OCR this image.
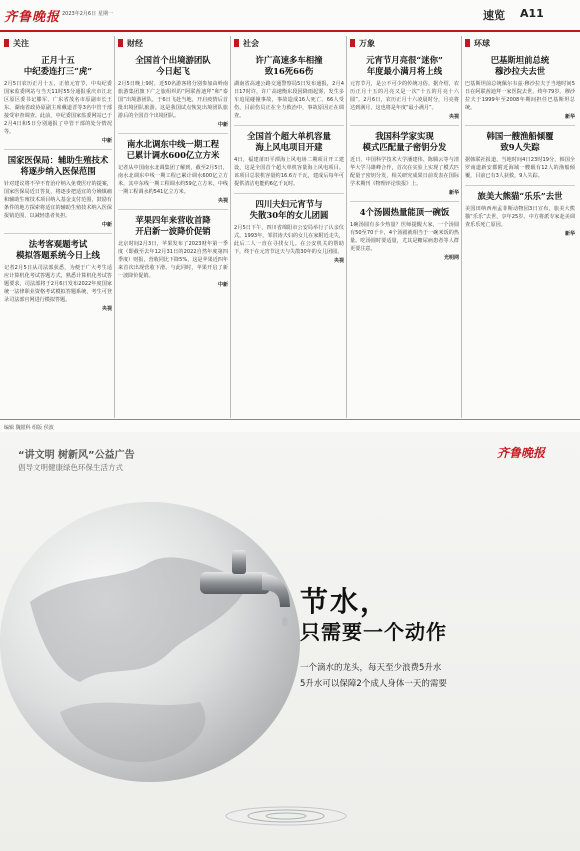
齐鲁晚报 2023年2月6日 星期一	速览 A11
关注
正月十五
中纪委连打三“虎”

2月5日农历正月十五，正值元宵节，中央纪委国家监委网站与当天11时55分通报重庆市江北区原区委书记滕军、广东省茂名市原副市长王东、湖南省政协原副主席戴道晋等3名中管干部接受审查调查。此前，中纪委国家监委网站已于2月4日和5日分别通报了中管干部的处分情况等。

中新
国家医保局：辅助生殖技术
将逐步纳入医保范围

针对建议将不孕不育治疗纳入免费医疗的提案，国家医保局近日答复，将逐步把适宜的分娩镇痛和辅助生殖技术项目纳入基金支付范围，鼓励有条件的地方探索将适宜的辅助生殖技术纳入医保报销范围，以减轻患者负担。

中新
法考客观题考试
模拟答题系统今日上线

记者2月5日从司法部获悉，为便于广大考生适应计算机化考试答题方式，熟悉计算机化考试答题要求，司法部将于2月6日发布2022年度国家统一法律职业资格考试模拟答题系统，考生可登录司法部官网进行模拟答题。

央视
财经
全国首个出境游团队
今日起飞

2月5日晚上9时，近50名游客将分别参加由岭南旅游集团旗下广之旅组织的“阿联酋迪拜”和“泰国”出境游团队，于6日飞赴当地，开启疫情后首批出境团队旅游。这是我国试点恢复出境团队旅游后的全国首个出境团队。

中新
南水北调东中线一期工程
已累计调水600亿立方米

记者从中国南水北调集团了解到，截至2月5日，南水北调东中线一期工程已累计调水600亿立方米，其中东线一期工程调水约59亿立方米，中线一期工程调水约541亿立方米。

央视
苹果四年来营收首降
开启新一波降价促销

北京时间2月3日，苹果发布了2023财年第一季度（即截至去年12月31日的2022自然年度第四季度）财报，营收同比下降5%，这是苹果近四年来首次出现营收下滑。与此同时，苹果开启了新一波降价促销。

中新
社会
许广高速多车相撞
致16死66伤

湖南省高速公路交通警察局5日发布通报，2月4日17时许，许广高速衡东段因降雨起雾，发生多车追尾碰撞事故，事故造成16人死亡、66人受伤，目前伤员正在全力救治中，事故原因正在调查。

全国首个超大单机容量
海上风电项目开建

4日，福建莆田平潭海上风电场二期项目开工建设，这是全国首个超大单机容量海上风电项目。该项目总装机容量约16.6万千瓦，建成后每年可提供清洁电能约6亿千瓦时。

四川夫妇元宵节与
失散30年的女儿团圆

2月5日下午，四川省绵阳市公安局举行了认亲仪式。1993年，邹洪涛夫妇的女儿在家附近走失，此后二人一直在寻找女儿。在公安机关的帮助下，终于在元宵节这天与失散30年的女儿团圆。

央视
万象
元宵节月亮很“迷你”
年度最小满月将上线

元宵节月，是公不可少的传统习俗。据介绍，农历正月十五的月亮又是一次“十五的月亮十六圆”。2月6日，农历正月十六凌晨时分，月亮将达到满月，这也将是年度“最小满月”。

央视
我国科学家实现
模式匹配量子密钥分发

近日，中国科学技术大学潘建伟、陈腾云等与清华大学马雄峰合作，首次在实验上实现了模式匹配量子密钥分发，相关研究成果日前发表在国际学术期刊《物理评论快报》上。

新华
4个汤圆热量能顶一碗饭

1碗汤圆有多少热量？医师提醒大家，一个汤圆有50至70千卡，4个汤圆就相当于一碗米饭的热量。吃汤圆时要适量，尤其是糖尿病患者等人群更要注意。

光明网
环球
巴基斯坦前总统
穆沙拉夫去世

巴基斯坦前总统佩尔韦兹·穆沙拉夫于当地时间5日在阿联酋迪拜一家医院去世，终年79岁。穆沙拉夫于1999年至2008年期间担任巴基斯坦总统。

新华
韩国一艘渔船倾覆
致9人失踪

据韩联社报道，当地时间4日23时19分，韩国全罗南道新安郡附近海域一艘载有12人的渔船倾覆，目前已有3人获救，9人失踪。

旅美大熊猫“乐乐”去世

美国田纳西州孟菲斯动物园3日宣布，旅美大熊猫“乐乐”去世，享年25岁。中方将派专家赴美调查乐乐死亡原因。

新华
编辑 魏银科 组版 侯波
“讲文明 树新风”公益广告
倡导文明健康绿色环保生活方式
齐鲁晚报
节水，
只需要一个动作
一个滴水的龙头，每天至少浪费5升水
5升水可以保障2个成人身体一天的需要
